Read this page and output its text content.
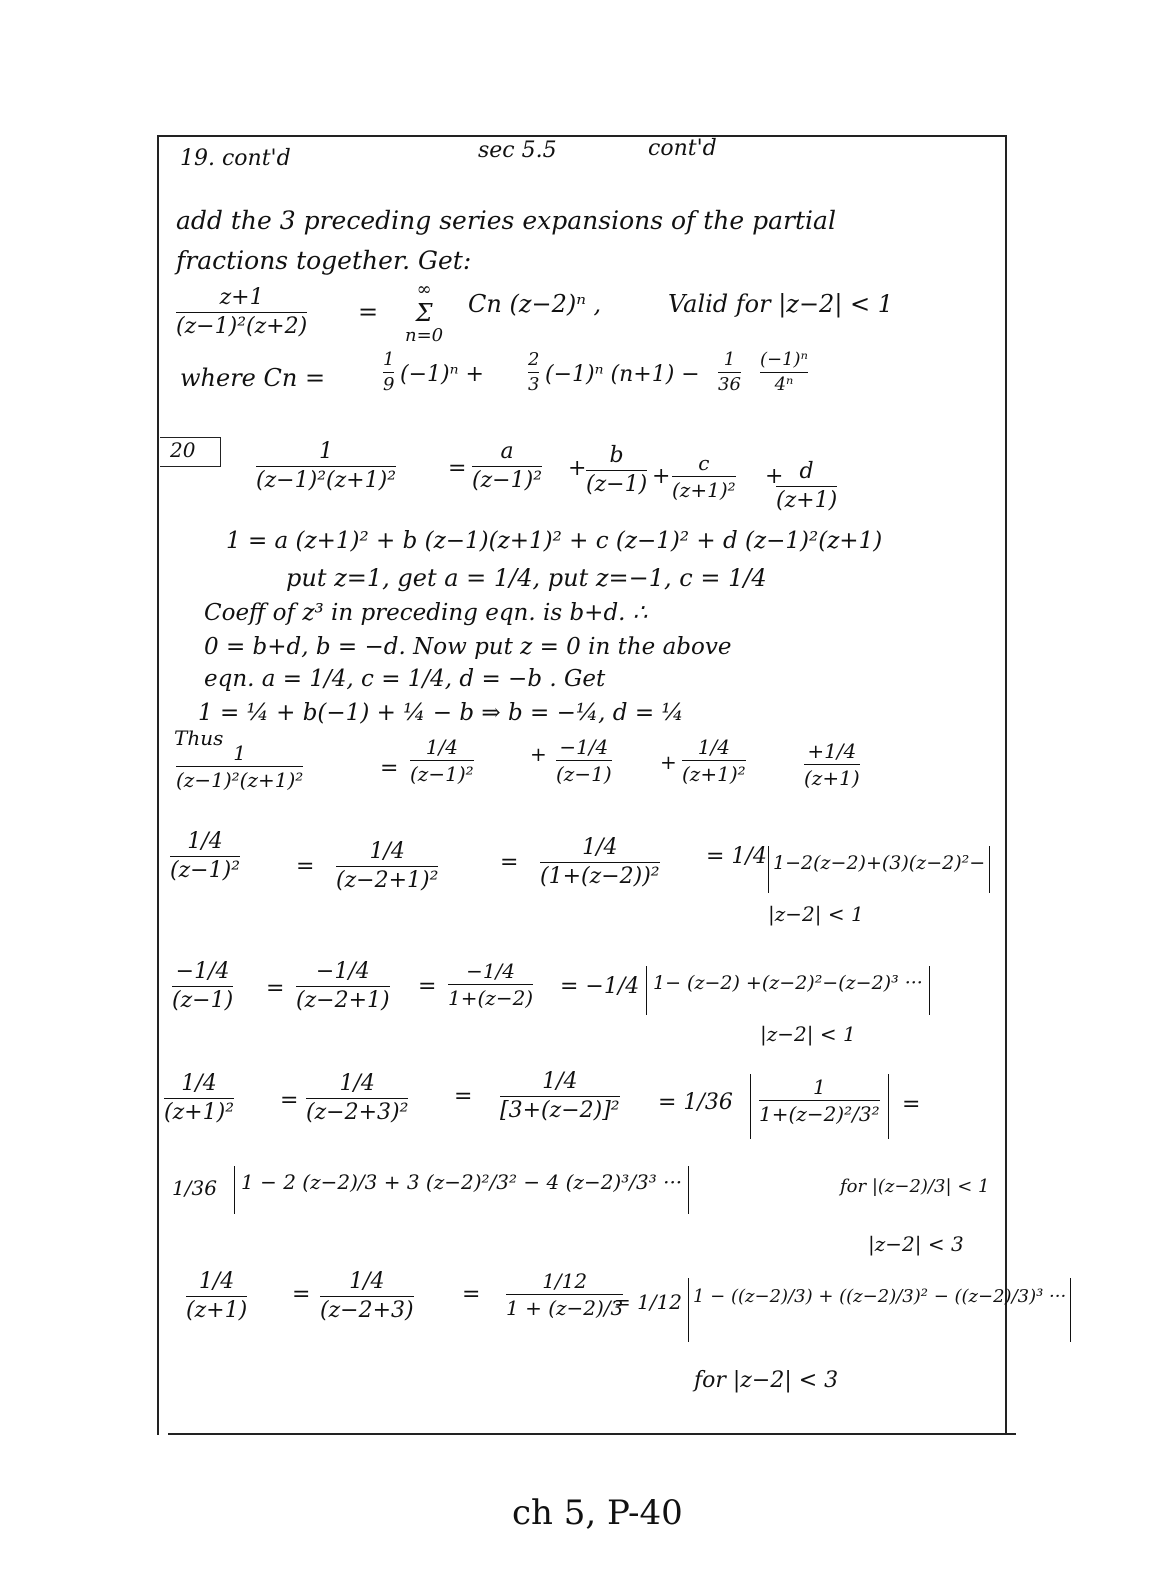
19. cont'd	sec 5.5	cont'd
add the 3 preceding series expansions of the partial
fractions together. Get:
z+1
(z−1)²(z+2)
=
∞
Σ
n=0
Cn (z−2)ⁿ ,	Valid for |z−2| < 1
where Cn =
1
9 (−1)ⁿ +
2
3 (−1)ⁿ (n+1) −
1
36
(−1)ⁿ
4ⁿ
20	1
(z−1)²(z+1)² =
a
(z−1)² +
b
(z−1) +
c
(z+1)²
+ d
(z+1)
1 = a (z+1)² + b (z−1)(z+1)² + c (z−1)² + d (z−1)²(z+1)
put z=1, get a = 1/4, put z=−1, c = 1/4
Coeff of z³ in preceding eqn. is b+d. ∴
0 = b+d, b = −d. Now put z = 0 in the above
eqn. a = 1/4, c = 1/4, d = −b . Get
1 = ¼ + b(−1) + ¼ − b ⇒ b = −¼, d = ¼
Thus
1
(z−1)²(z+1)²	=
1/4
(z−1)²
+ −1/4
(z−1) +
1/4
(z+1)²
+1/4
(z+1)
1/4
(z−1)²	=
1/4
(z−2+1)²
=
1/4
(1+(z−2))²
= 1/4 1−2(z−2)+(3)(z−2)²−
|z−2| < 1
−1/4
(z−1) =
−1/4
(z−2+1)
=
−1/4
1+(z−2) = −1/4 1− (z−2) +(z−2)²−(z−2)³ ···
|z−2| < 1
1/4
(z+1)² =
1/4
(z−2+3)²
=
1/4
[3+(z−2)]² = 1/36
1
1+(z−2)²/3² =
1/36	1 − 2 (z−2)/3 + 3 (z−2)²/3² − 4 (z−2)³/3³ ···	for |(z−2)/3| < 1
|z−2| < 3
1/4
(z+1)
=
1/4
(z−2+3)
=
1/12
1 + (z−2)/3
= 1/12 1 − ((z−2)/3) + ((z−2)/3)² − ((z−2)/3)³ ···
for |z−2| < 3
ch 5, P-40
